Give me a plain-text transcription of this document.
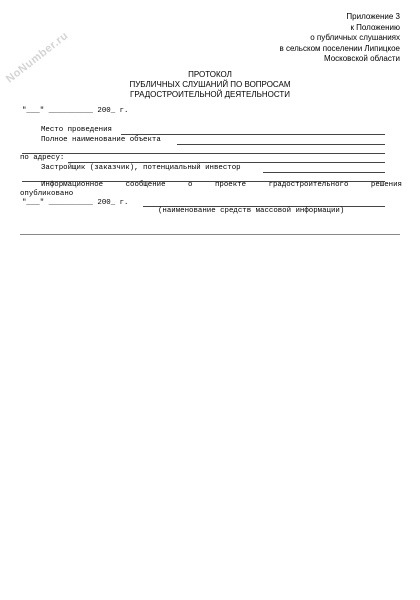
NoNumber.ru
Приложение 3
к Положению
о публичных слушаниях
в сельском поселении Липицкое
Московской области
ПРОТОКОЛ
ПУБЛИЧНЫХ СЛУШАНИЙ ПО ВОПРОСАМ
ГРАДОСТРОИТЕЛЬНОЙ ДЕЯТЕЛЬНОСТИ
"___" __________ 200_ г.
Место проведения
Полное наименование объекта
по адресу:
Застройщик (заказчик), потенциальный инвестор
Информационное	сообщение	о	проекте	градостроительного	решения
опубликовано
"___" __________ 200_ г.
(наименование средств массовой информации)
